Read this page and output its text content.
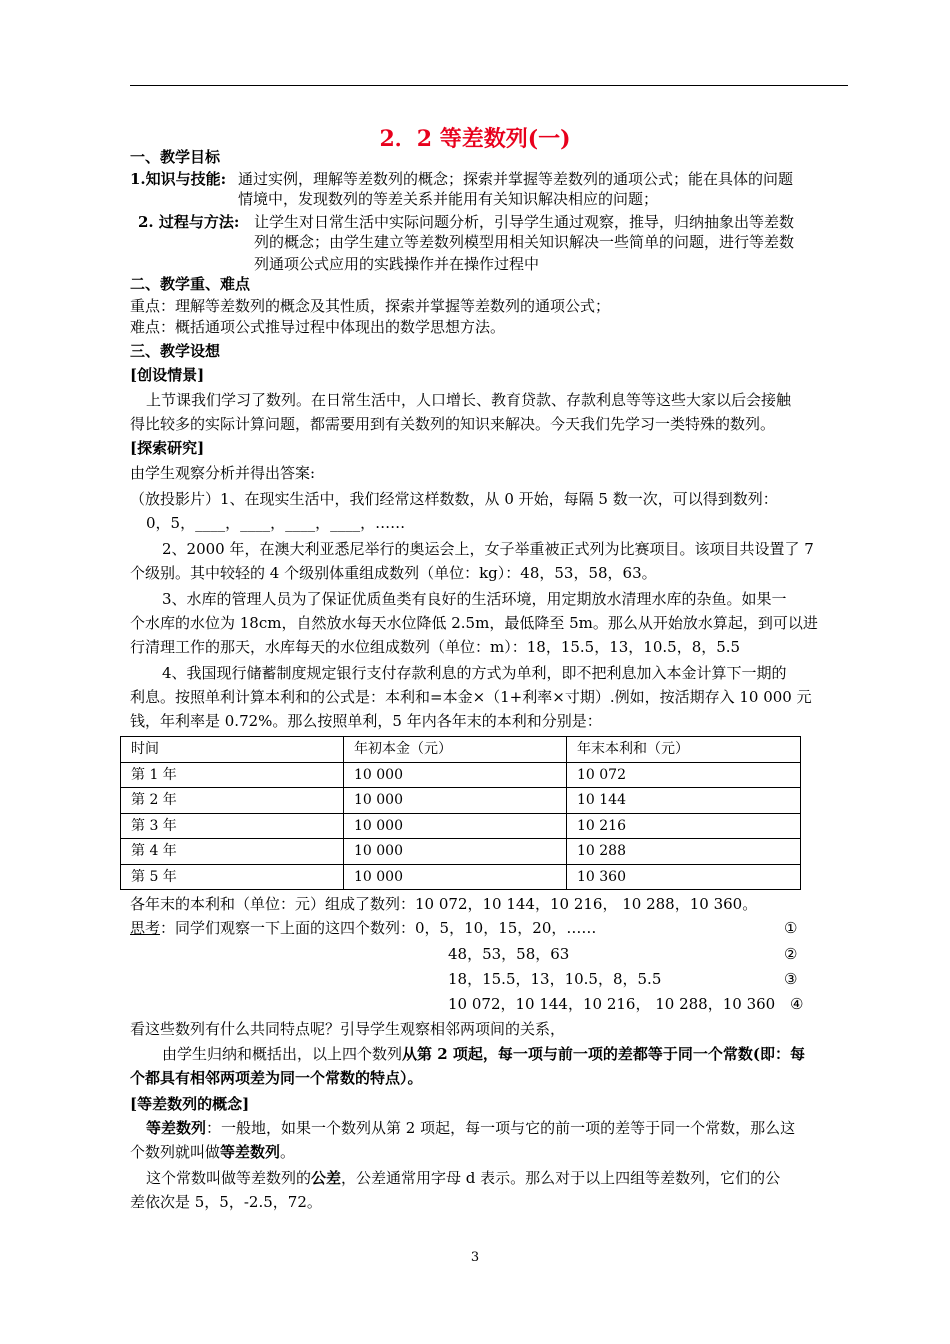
2．2 等差数列(一)
一、教学目标
1.知识与技能: 通过实例，理解等差数列的概念；探索并掌握等差数列的通项公式；能在具体的问题
情境中，发现数列的等差关系并能用有关知识解决相应的问题；
2. 过程与方法: 让学生对日常生活中实际问题分析，引导学生通过观察，推导，归纳抽象出等差数
列的概念；由学生建立等差数列模型用相关知识解决一些简单的问题，进行等差数
列通项公式应用的实践操作并在操作过程中
二、教学重、难点
重点：理解等差数列的概念及其性质，探索并掌握等差数列的通项公式；
难点：概括通项公式推导过程中体现出的数学思想方法。
三、教学设想
[创设情景]
上节课我们学习了数列。在日常生活中，人口增长、教育贷款、存款利息等等这些大家以后会接触
得比较多的实际计算问题，都需要用到有关数列的知识来解决。今天我们先学习一类特殊的数列。
[探索研究]
由学生观察分析并得出答案:
（放投影片）1、在现实生活中，我们经常这样数数，从 0 开始，每隔 5 数一次，可以得到数列：
0，5，____，____，____，____，……
2、2000 年，在澳大利亚悉尼举行的奥运会上，女子举重被正式列为比赛项目。该项目共设置了 7
个级别。其中较轻的 4 个级别体重组成数列（单位：kg）：48，53，58，63。
3、水库的管理人员为了保证优质鱼类有良好的生活环境，用定期放水清理水库的杂鱼。如果一
个水库的水位为 18cm，自然放水每天水位降低 2.5m，最低降至 5m。那么从开始放水算起，到可以进
行清理工作的那天，水库每天的水位组成数列（单位：m）：18，15.5，13，10.5，8，5.5
4、我国现行储蓄制度规定银行支付存款利息的方式为单利，即不把利息加入本金计算下一期的
利息。按照单利计算本利和的公式是：本利和=本金×（1+利率×寸期）.例如，按活期存入 10 000 元
钱，年利率是 0.72%。那么按照单利，5 年内各年末的本利和分别是：
时间	年初本金（元）	年末本利和（元）
第 1 年	10 000	10 072
第 2 年	10 000	10 144
第 3 年	10 000	10 216
第 4 年	10 000	10 288
第 5 年	10 000	10 360
各年末的本利和（单位：元）组成了数列：10 072，10 144，10 216， 10 288，10 360。
思考：同学们观察一下上面的这四个数列：0，5，10，15，20，……	①
48，53，58，63	②
18，15.5，13，10.5，8，5.5	③
10 072，10 144，10 216， 10 288，10 360 ④
看这些数列有什么共同特点呢？引导学生观察相邻两项间的关系，
由学生归纳和概括出，以上四个数列从第 2 项起，每一项与前一项的差都等于同一个常数(即：每
个都具有相邻两项差为同一个常数的特点）。
[等差数列的概念]
等差数列：一般地，如果一个数列从第 2 项起，每一项与它的前一项的差等于同一个常数，那么这
个数列就叫做等差数列。
这个常数叫做等差数列的公差，公差通常用字母 d 表示。那么对于以上四组等差数列，它们的公
差依次是 5，5，-2.5，72。
3
